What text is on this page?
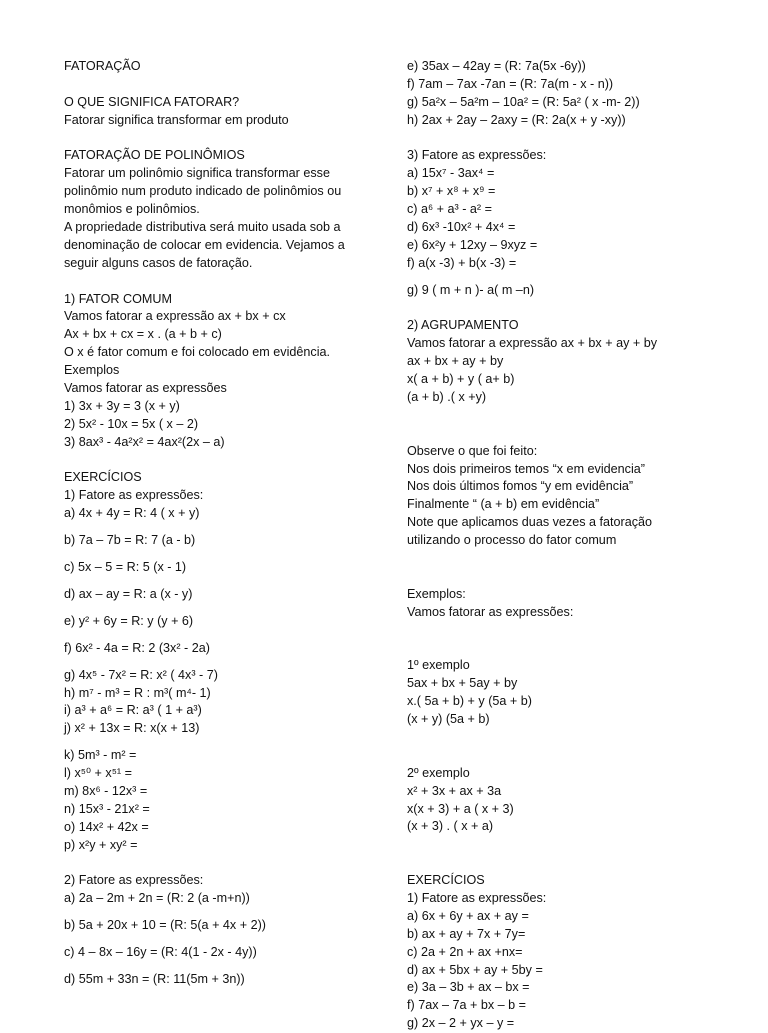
FATORAÇÃO
O QUE SIGNIFICA FATORAR?
Fatorar significa transformar em produto
FATORAÇÃO DE POLINÔMIOS
Fatorar um polinômio significa transformar esse
polinômio num produto indicado de polinômios ou
monômios e polinômios.
A propriedade distributiva será muito usada sob a
denominação de colocar em evidencia. Vejamos a
seguir alguns casos de fatoração.
1) FATOR COMUM
Vamos fatorar a expressão ax + bx + cx
Ax + bx + cx = x . (a + b + c)
O x é fator comum e foi colocado em evidência.
Exemplos
Vamos fatorar as expressões
1) 3x + 3y = 3 (x + y)
2) 5x² - 10x = 5x ( x – 2)
3) 8ax³ - 4a²x² = 4ax²(2x – a)
EXERCÍCIOS
1) Fatore as expressões:
a) 4x + 4y = R: 4 ( x + y)
b) 7a – 7b = R: 7 (a - b)
c) 5x – 5 = R: 5 (x - 1)
d) ax – ay = R: a (x - y)
e) y² + 6y = R: y (y + 6)
f) 6x² - 4a = R: 2 (3x² - 2a)
g) 4x⁵ - 7x² = R: x² ( 4x³ - 7)
h) m⁷ - m³ = R : m³( m⁴- 1)
i) a³ + a⁶ = R: a³ ( 1 + a³)
j) x² + 13x = R: x(x + 13)
k) 5m³ - m² =
l) x⁵⁰ + x⁵¹ =
m) 8x⁶ - 12x³ =
n) 15x³ - 21x² =
o) 14x² + 42x =
p) x²y + xy² =
2) Fatore as expressões:
a) 2a – 2m + 2n = (R: 2 (a -m+n))
b) 5a + 20x + 10 = (R: 5(a + 4x + 2))
c) 4 – 8x – 16y = (R: 4(1 - 2x - 4y))
d) 55m + 33n = (R: 11(5m + 3n))
e) 35ax – 42ay = (R: 7a(5x -6y))
f) 7am – 7ax -7an = (R: 7a(m - x - n))
g) 5a²x – 5a²m – 10a² = (R: 5a² ( x -m- 2))
h) 2ax + 2ay – 2axy = (R: 2a(x + y -xy))
3) Fatore as expressões:
a) 15x⁷ - 3ax⁴ =
b) x⁷ + x⁸ + x⁹ =
c) a⁶ + a³ - a² =
d) 6x³ -10x² + 4x⁴ =
e) 6x²y + 12xy – 9xyz =
f) a(x -3) + b(x -3) =
g) 9 ( m + n )- a( m –n)
2) AGRUPAMENTO
Vamos fatorar a expressão ax + bx + ay + by
ax + bx + ay + by
x( a + b) + y ( a+ b)
(a + b) .( x +y)
Observe o que foi feito:
Nos dois primeiros temos “x em evidencia”
Nos dois últimos fomos “y em evidência”
Finalmente “ (a + b) em evidência”
Note que aplicamos duas vezes a fatoração
utilizando o processo do fator comum
Exemplos:
Vamos fatorar as expressões:
1º exemplo
5ax + bx + 5ay + by
x.( 5a + b) + y (5a + b)
(x + y) (5a + b)
2º exemplo
x² + 3x + ax + 3a
x(x + 3) + a ( x + 3)
(x + 3) . ( x + a)
EXERCÍCIOS
1) Fatore as expressões:
a) 6x + 6y + ax + ay =
b) ax + ay + 7x + 7y=
c) 2a + 2n + ax +nx=
d) ax + 5bx + ay + 5by =
e) 3a – 3b + ax – bx =
f) 7ax – 7a + bx – b =
g) 2x – 2 + yx – y =
